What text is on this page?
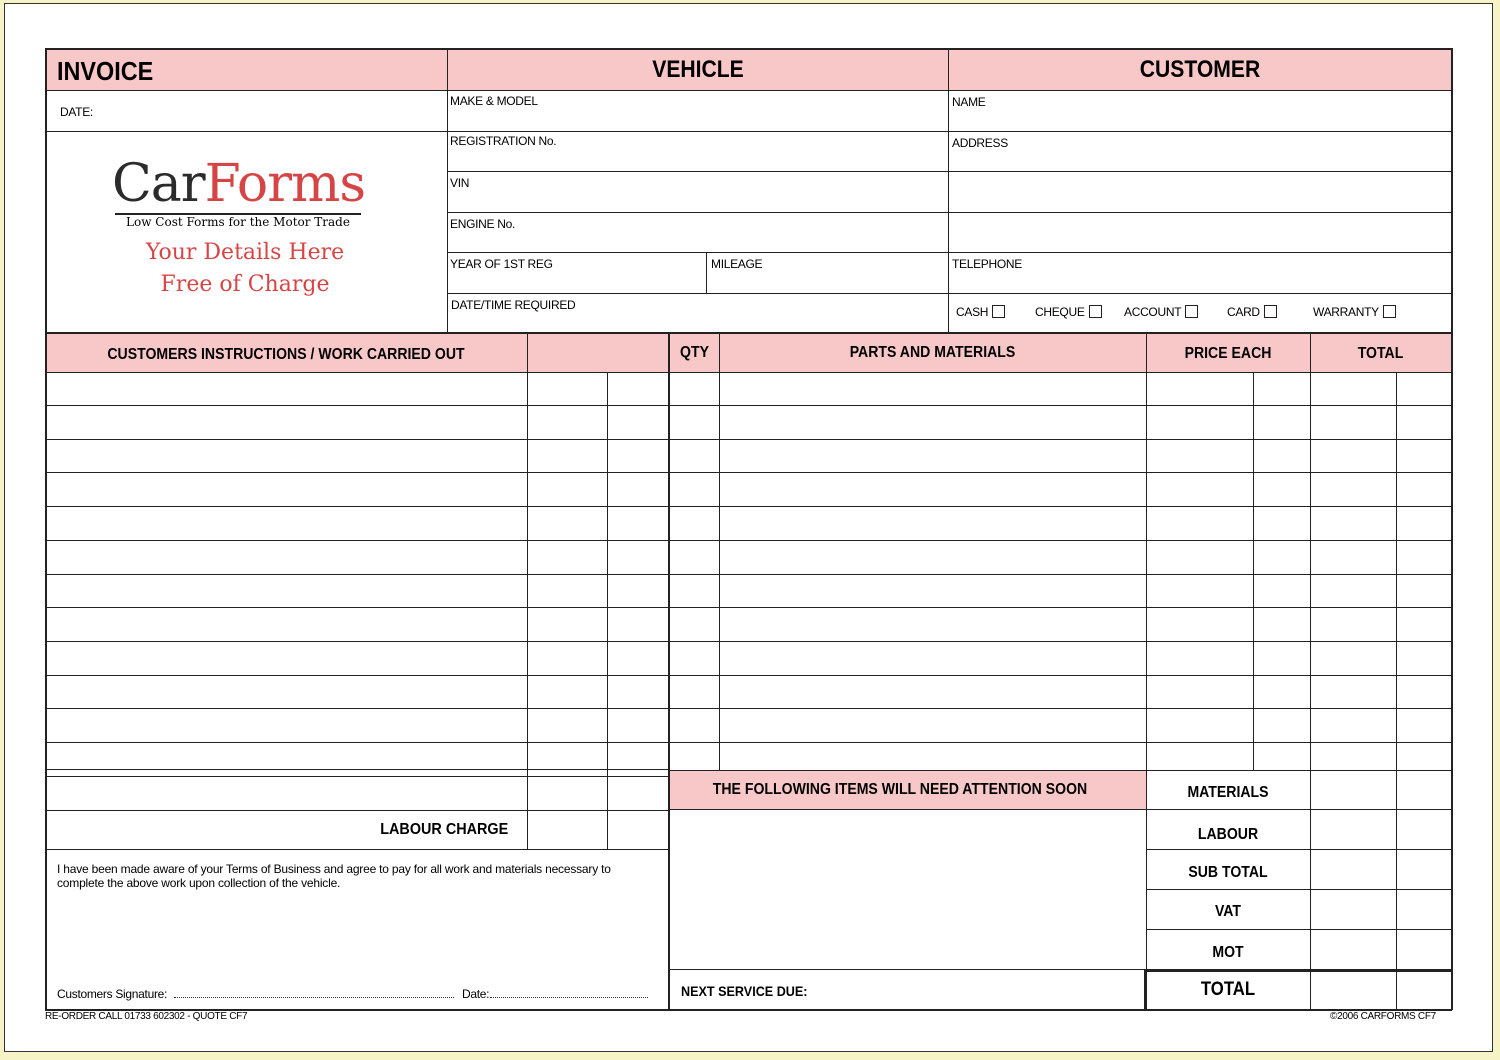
INVOICE	VEHICLE	CUSTOMER
DATE:
MAKE & MODEL
REGISTRATION No.
VIN
ENGINE No.
YEAR OF 1ST REG	MILEAGE
DATE/TIME REQUIRED
NAME
ADDRESS
TELEPHONE
CASH	CHEQUE	ACCOUNT	CARD	WARRANTY
CarForms
Low Cost Forms for the Motor Trade
Your Details Here
Free of Charge
CUSTOMERS INSTRUCTIONS / WORK CARRIED OUT	QTY	PARTS AND MATERIALS	PRICE EACH	TOTAL
THE FOLLOWING ITEMS WILL NEED ATTENTION SOON
LABOUR CHARGE
MATERIALS
LABOUR
SUB TOTAL
VAT
MOT
TOTAL
I have been made aware of your Terms of Business and agree to pay for all work and materials necessary to complete the above work upon collection of the vehicle.
Customers Signature:	Date:	NEXT SERVICE DUE:
RE-ORDER CALL 01733 602302 - QUOTE CF7	©2006 CARFORMS CF7
